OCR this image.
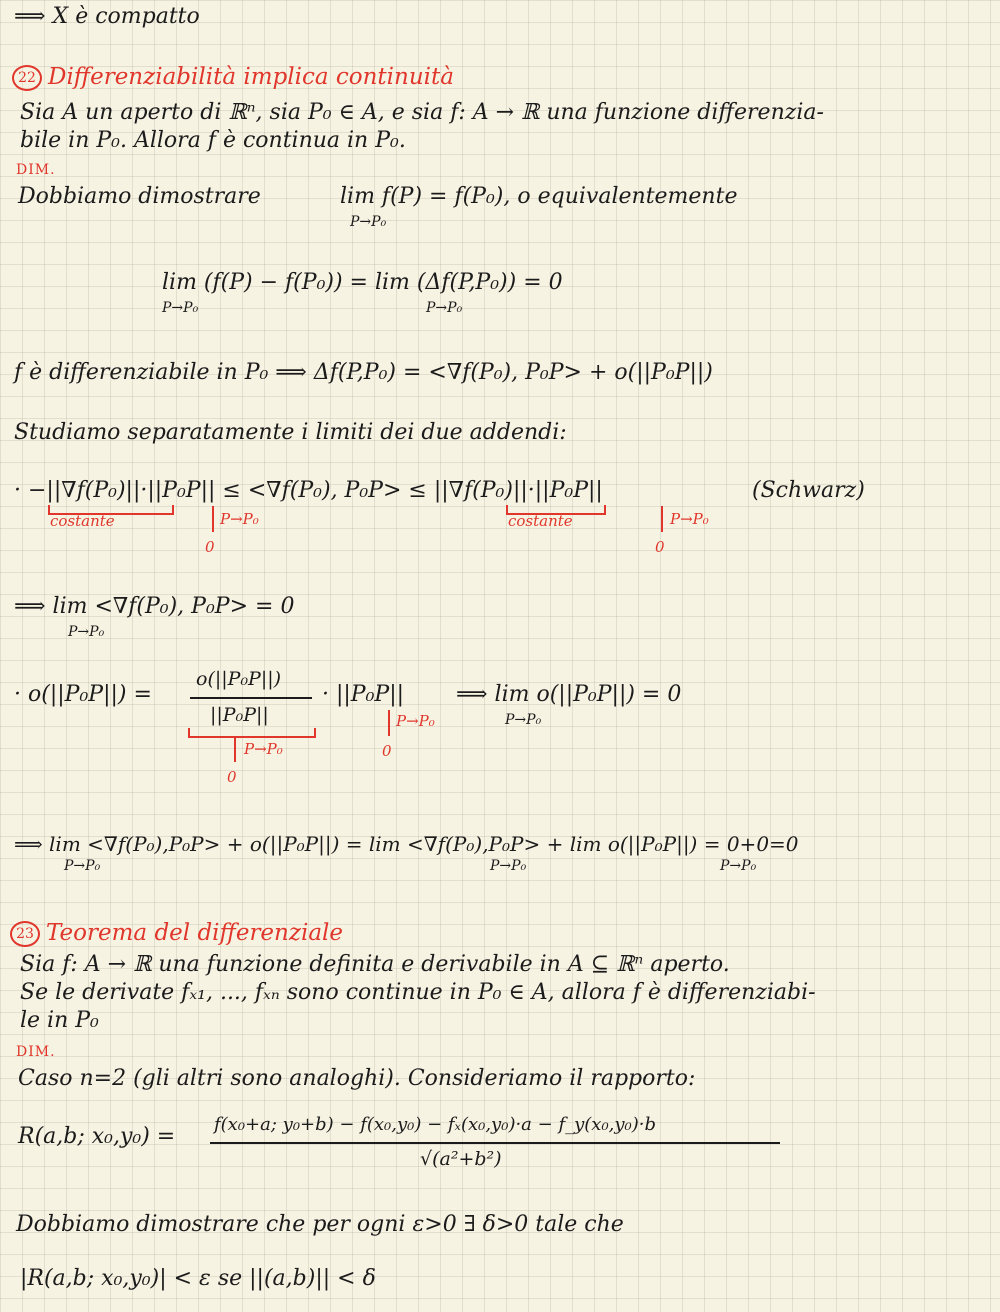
⟹ X è compatto
22 Differenziabilità implica continuità
Sia A un aperto di ℝⁿ, sia P₀ ∈ A, e sia f: A → ℝ una funzione differenzia-
bile in P₀. Allora f è continua in P₀.
DIM.
Dobbiamo dimostrare	lim f(P) = f(P₀), o equivalentemente
P→P₀
lim (f(P) − f(P₀)) = lim (Δf(P,P₀)) = 0
P→P₀	P→P₀
f è differenziabile in P₀ ⟹ Δf(P,P₀) = <∇f(P₀), P₀P> + o(||P₀P||)
Studiamo separatamente i limiti dei due addendi:
· −||∇f(P₀)||·||P₀P|| ≤ <∇f(P₀), P₀P> ≤ ||∇f(P₀)||·||P₀P||	(Schwarz)
costante	P→P₀
0
costante	P→P₀
0
⟹ lim <∇f(P₀), P₀P> = 0
P→P₀
· o(||P₀P||) =
o(||P₀P||)
||P₀P||
· ||P₀P|| ⟹ lim o(||P₀P||) = 0
P→P₀
P→P₀
0
P→P₀
0
⟹ lim <∇f(P₀),P₀P> + o(||P₀P||) = lim <∇f(P₀),P₀P> + lim o(||P₀P||) = 0+0=0
P→P₀	P→P₀	P→P₀
23 Teorema del differenziale
Sia f: A → ℝ una funzione definita e derivabile in A ⊆ ℝⁿ aperto.
Se le derivate fₓ₁, ..., fₓₙ sono continue in P₀ ∈ A, allora f è differenziabi-
le in P₀
DIM.
Caso n=2 (gli altri sono analoghi). Consideriamo il rapporto:
R(a,b; x₀,y₀) = f(x₀+a; y₀+b) − f(x₀,y₀) − fₓ(x₀,y₀)·a − f_y(x₀,y₀)·b
√(a²+b²)
Dobbiamo dimostrare che per ogni ε>0 ∃ δ>0 tale che
|R(a,b; x₀,y₀)| < ε se ||(a,b)|| < δ
